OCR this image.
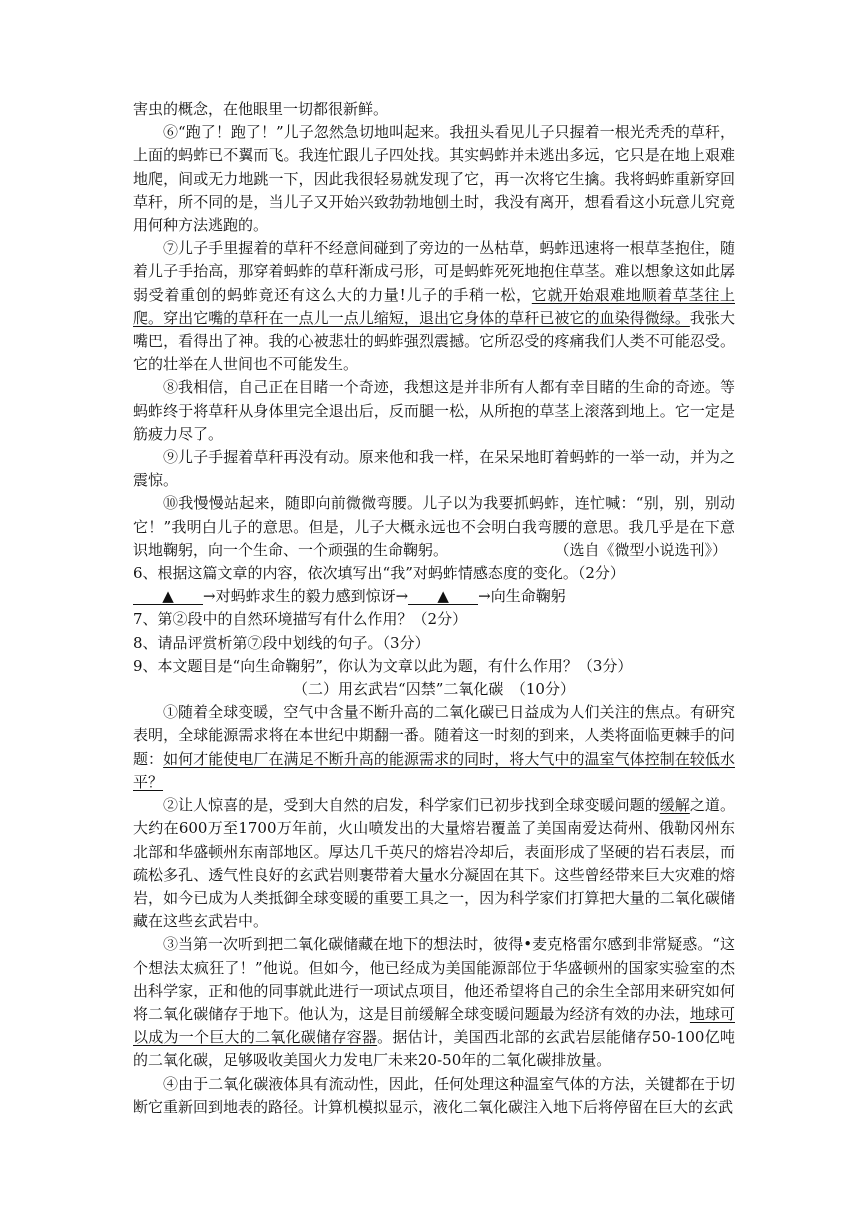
害虫的概念，在他眼里一切都很新鲜。

⑥“跑了！跑了！”儿子忽然急切地叫起来。我扭头看见儿子只握着一根光秃秃的草秆，上面的蚂蚱已不翼而飞。我连忙跟儿子四处找。其实蚂蚱并未逃出多远，它只是在地上艰难地爬，间或无力地跳一下，因此我很轻易就发现了它，再一次将它生擒。我将蚂蚱重新穿回草秆，所不同的是，当儿子又开始兴致勃勃地刨土时，我没有离开，想看看这小玩意儿究竟用何种方法逃跑的。

⑦儿子手里握着的草秆不经意间碰到了旁边的一丛枯草，蚂蚱迅速将一根草茎抱住，随着儿子手抬高，那穿着蚂蚱的草秆渐成弓形，可是蚂蚱死死地抱住草茎。难以想象这如此孱弱受着重创的蚂蚱竟还有这么大的力量!儿子的手稍一松，它就开始艰难地顺着草茎往上爬。穿出它嘴的草秆在一点儿一点儿缩短，退出它身体的草秆已被它的血染得微绿。我张大嘴巴，看得出了神。我的心被悲壮的蚂蚱强烈震撼。它所忍受的疼痛我们人类不可能忍受。它的壮举在人世间也不可能发生。

⑧我相信，自己正在目睹一个奇迹，我想这是并非所有人都有幸目睹的生命的奇迹。等蚂蚱终于将草秆从身体里完全退出后，反而腿一松，从所抱的草茎上滚落到地上。它一定是筋疲力尽了。

⑨儿子手握着草秆再没有动。原来他和我一样，在呆呆地盯着蚂蚱的一举一动，并为之震惊。

⑩我慢慢站起来，随即向前微微弯腰。儿子以为我要抓蚂蚱，连忙喊：“别，别，别动它！”我明白儿子的意思。但是，儿子大概永远也不会明白我弯腰的意思。我几乎是在下意识地鞠躬，向一个生命、一个顽强的生命鞠躬。	（选自《微型小说选刊》）

6、根据这篇文章的内容，依次填写出“我”对蚂蚱情感态度的变化。（2分）

▲ →对蚂蚱求生的毅力感到惊讶→ ▲ →向生命鞠躬

7、第②段中的自然环境描写有什么作用？（2分）

8、请品评赏析第⑦段中划线的句子。（3分）

9、本文题目是“向生命鞠躬”，你认为文章以此为题，有什么作用？（3分）

（二）用玄武岩“囚禁”二氧化碳　（10分）

①随着全球变暖，空气中含量不断升高的二氧化碳已日益成为人们关注的焦点。有研究表明，全球能源需求将在本世纪中期翻一番。随着这一时刻的到来，人类将面临更棘手的问题：如何才能使电厂在满足不断升高的能源需求的同时，将大气中的温室气体控制在较低水平？

②让人惊喜的是，受到大自然的启发，科学家们已初步找到全球变暖问题的缓解之道。大约在600万至1700万年前，火山喷发出的大量熔岩覆盖了美国南爱达荷州、俄勒冈州东北部和华盛顿州东南部地区。厚达几千英尺的熔岩冷却后，表面形成了坚硬的岩石表层，而疏松多孔、透气性良好的玄武岩则裹带着大量水分凝固在其下。这些曾经带来巨大灾难的熔岩，如今已成为人类抵御全球变暖的重要工具之一，因为科学家们打算把大量的二氧化碳储藏在这些玄武岩中。

③当第一次听到把二氧化碳储藏在地下的想法时，彼得•麦克格雷尔感到非常疑惑。“这个想法太疯狂了！”他说。但如今，他已经成为美国能源部位于华盛顿州的国家实验室的杰出科学家，正和他的同事就此进行一项试点项目，他还希望将自己的余生全部用来研究如何将二氧化碳储存于地下。他认为，这是目前缓解全球变暖问题最为经济有效的办法，地球可以成为一个巨大的二氧化碳储存容器。据估计，美国西北部的玄武岩层能储存50-100亿吨的二氧化碳，足够吸收美国火力发电厂未来20-50年的二氧化碳排放量。

④由于二氧化碳液体具有流动性，因此，任何处理这种温室气体的方法，关键都在于切断它重新回到地表的路径。计算机模拟显示，液化二氧化碳注入地下后将停留在巨大的玄武
